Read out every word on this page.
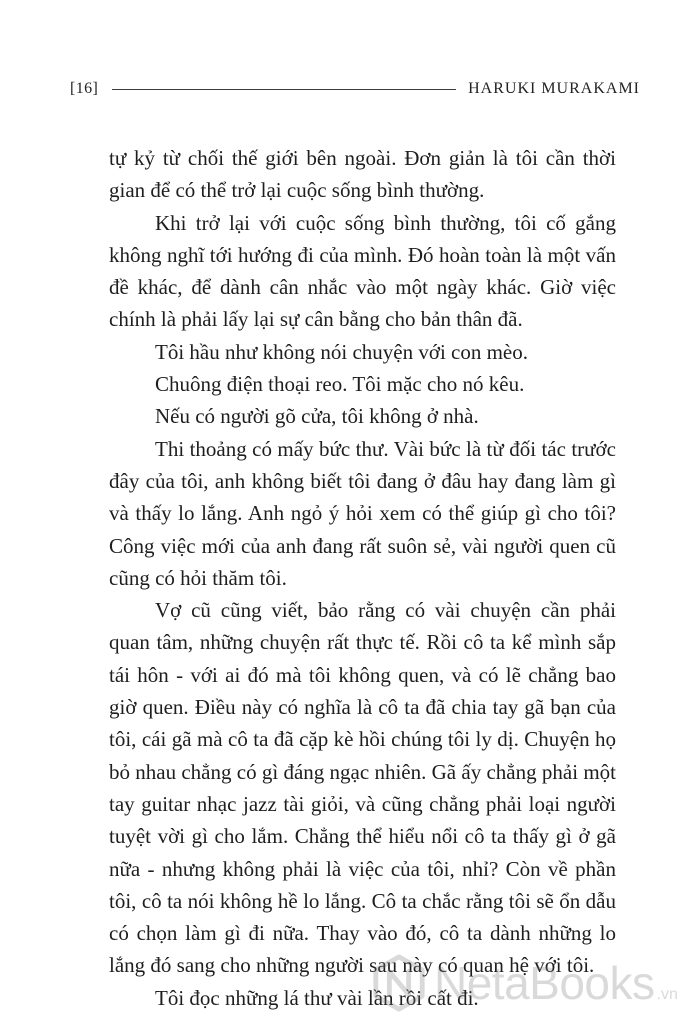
[16]	HARUKI MURAKAMI

tự kỷ từ chối thế giới bên ngoài. Đơn giản là tôi cần thời gian để có thể trở lại cuộc sống bình thường.

Khi trở lại với cuộc sống bình thường, tôi cố gắng không nghĩ tới hướng đi của mình. Đó hoàn toàn là một vấn đề khác, để dành cân nhắc vào một ngày khác. Giờ việc chính là phải lấy lại sự cân bằng cho bản thân đã.

Tôi hầu như không nói chuyện với con mèo.

Chuông điện thoại reo. Tôi mặc cho nó kêu.

Nếu có người gõ cửa, tôi không ở nhà.

Thi thoảng có mấy bức thư. Vài bức là từ đối tác trước đây của tôi, anh không biết tôi đang ở đâu hay đang làm gì và thấy lo lắng. Anh ngỏ ý hỏi xem có thể giúp gì cho tôi? Công việc mới của anh đang rất suôn sẻ, vài người quen cũ cũng có hỏi thăm tôi.

Vợ cũ cũng viết, bảo rằng có vài chuyện cần phải quan tâm, những chuyện rất thực tế. Rồi cô ta kể mình sắp tái hôn - với ai đó mà tôi không quen, và có lẽ chẳng bao giờ quen. Điều này có nghĩa là cô ta đã chia tay gã bạn của tôi, cái gã mà cô ta đã cặp kè hồi chúng tôi ly dị. Chuyện họ bỏ nhau chẳng có gì đáng ngạc nhiên. Gã ấy chẳng phải một tay guitar nhạc jazz tài giỏi, và cũng chẳng phải loại người tuyệt vời gì cho lắm. Chẳng thể hiểu nổi cô ta thấy gì ở gã nữa - nhưng không phải là việc của tôi, nhỉ? Còn về phần tôi, cô ta nói không hề lo lắng. Cô ta chắc rằng tôi sẽ ổn dẫu có chọn làm gì đi nữa. Thay vào đó, cô ta dành những lo lắng đó sang cho những người sau này có quan hệ với tôi.

Tôi đọc những lá thư vài lần rồi cất đi.

NetaBooks .vn
